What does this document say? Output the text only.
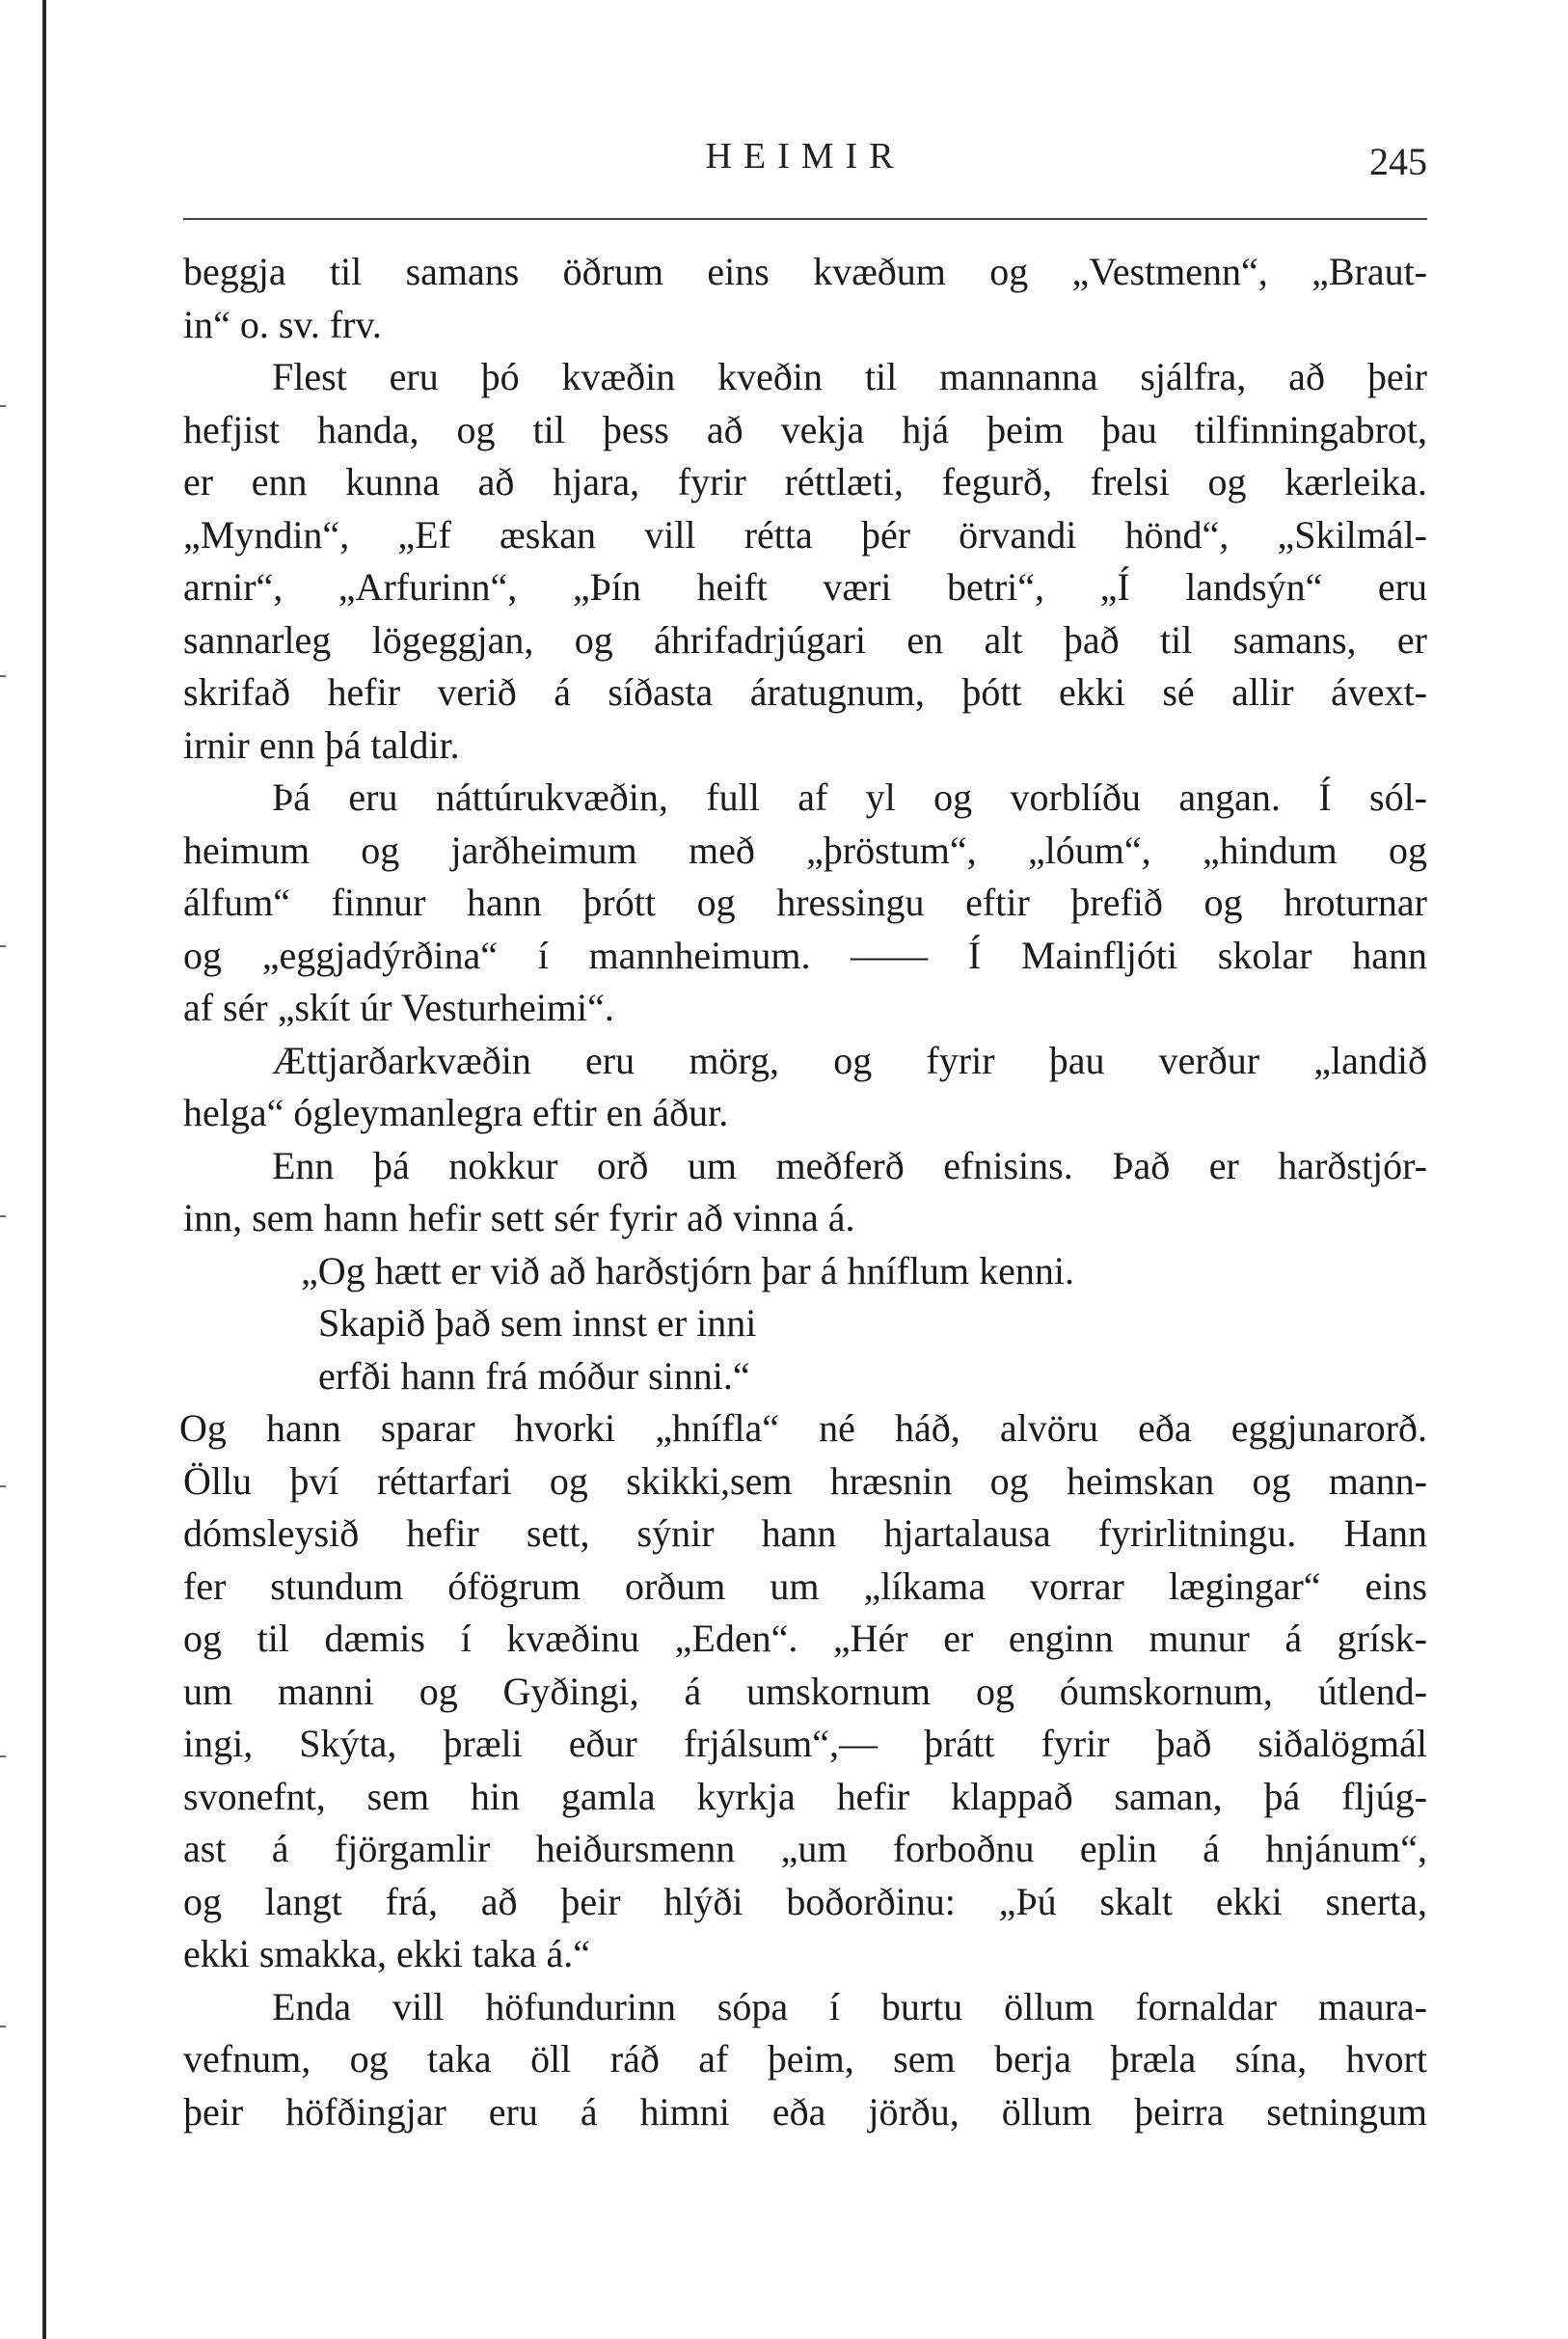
HEIMIR	245
beggja til samans öðrum eins kvæðum og „Vestmenn“, „Braut-
in“ o. sv. frv.
Flest eru þó kvæðin kveðin til mannanna sjálfra, að þeir
hefjist handa, og til þess að vekja hjá þeim þau tilfinningabrot,
er enn kunna að hjara, fyrir réttlæti, fegurð, frelsi og kærleika.
„Myndin“, „Ef æskan vill rétta þér örvandi hönd“, „Skilmál-
arnir“, „Arfurinn“, „Þín heift væri betri“, „Í landsýn“ eru
sannarleg lögeggjan, og áhrifadrjúgari en alt það til samans, er
skrifað hefir verið á síðasta áratugnum, þótt ekki sé allir ávext-
irnir enn þá taldir.
Þá eru náttúrukvæðin, full af yl og vorblíðu angan. Í sól-
heimum og jarðheimum með „þröstum“, „lóum“, „hindum og
álfum“ finnur hann þrótt og hressingu eftir þrefið og hroturnar
og „eggjadýrðina“ í mannheimum. —— Í Mainfljóti skolar hann
af sér „skít úr Vesturheimi“.
Ættjarðarkvæðin eru mörg, og fyrir þau verður „landið
helga“ ógleymanlegra eftir en áður.
Enn þá nokkur orð um meðferð efnisins. Það er harðstjór-
inn, sem hann hefir sett sér fyrir að vinna á.
„Og hætt er við að harðstjórn þar á hníflum kenni.
Skapið það sem innst er inni
erfði hann frá móður sinni.“
Og hann sparar hvorki „hnífla“ né háð, alvöru eða eggjunarorð.
Öllu því réttarfari og skikki,sem hræsnin og heimskan og mann-
dómsleysið hefir sett, sýnir hann hjartalausa fyrirlitningu. Hann
fer stundum ófögrum orðum um „líkama vorrar lægingar“ eins
og til dæmis í kvæðinu „Eden“. „Hér er enginn munur á grísk-
um manni og Gyðingi, á umskornum og óumskornum, útlend-
ingi, Skýta, þræli eður frjálsum“,— þrátt fyrir það siðalögmál
svonefnt, sem hin gamla kyrkja hefir klappað saman, þá fljúg-
ast á fjörgamlir heiðursmenn „um forboðnu eplin á hnjánum“,
og langt frá, að þeir hlýði boðorðinu: „Þú skalt ekki snerta,
ekki smakka, ekki taka á.“
Enda vill höfundurinn sópa í burtu öllum fornaldar maura-
vefnum, og taka öll ráð af þeim, sem berja þræla sína, hvort
þeir höfðingjar eru á himni eða jörðu, öllum þeirra setningum
